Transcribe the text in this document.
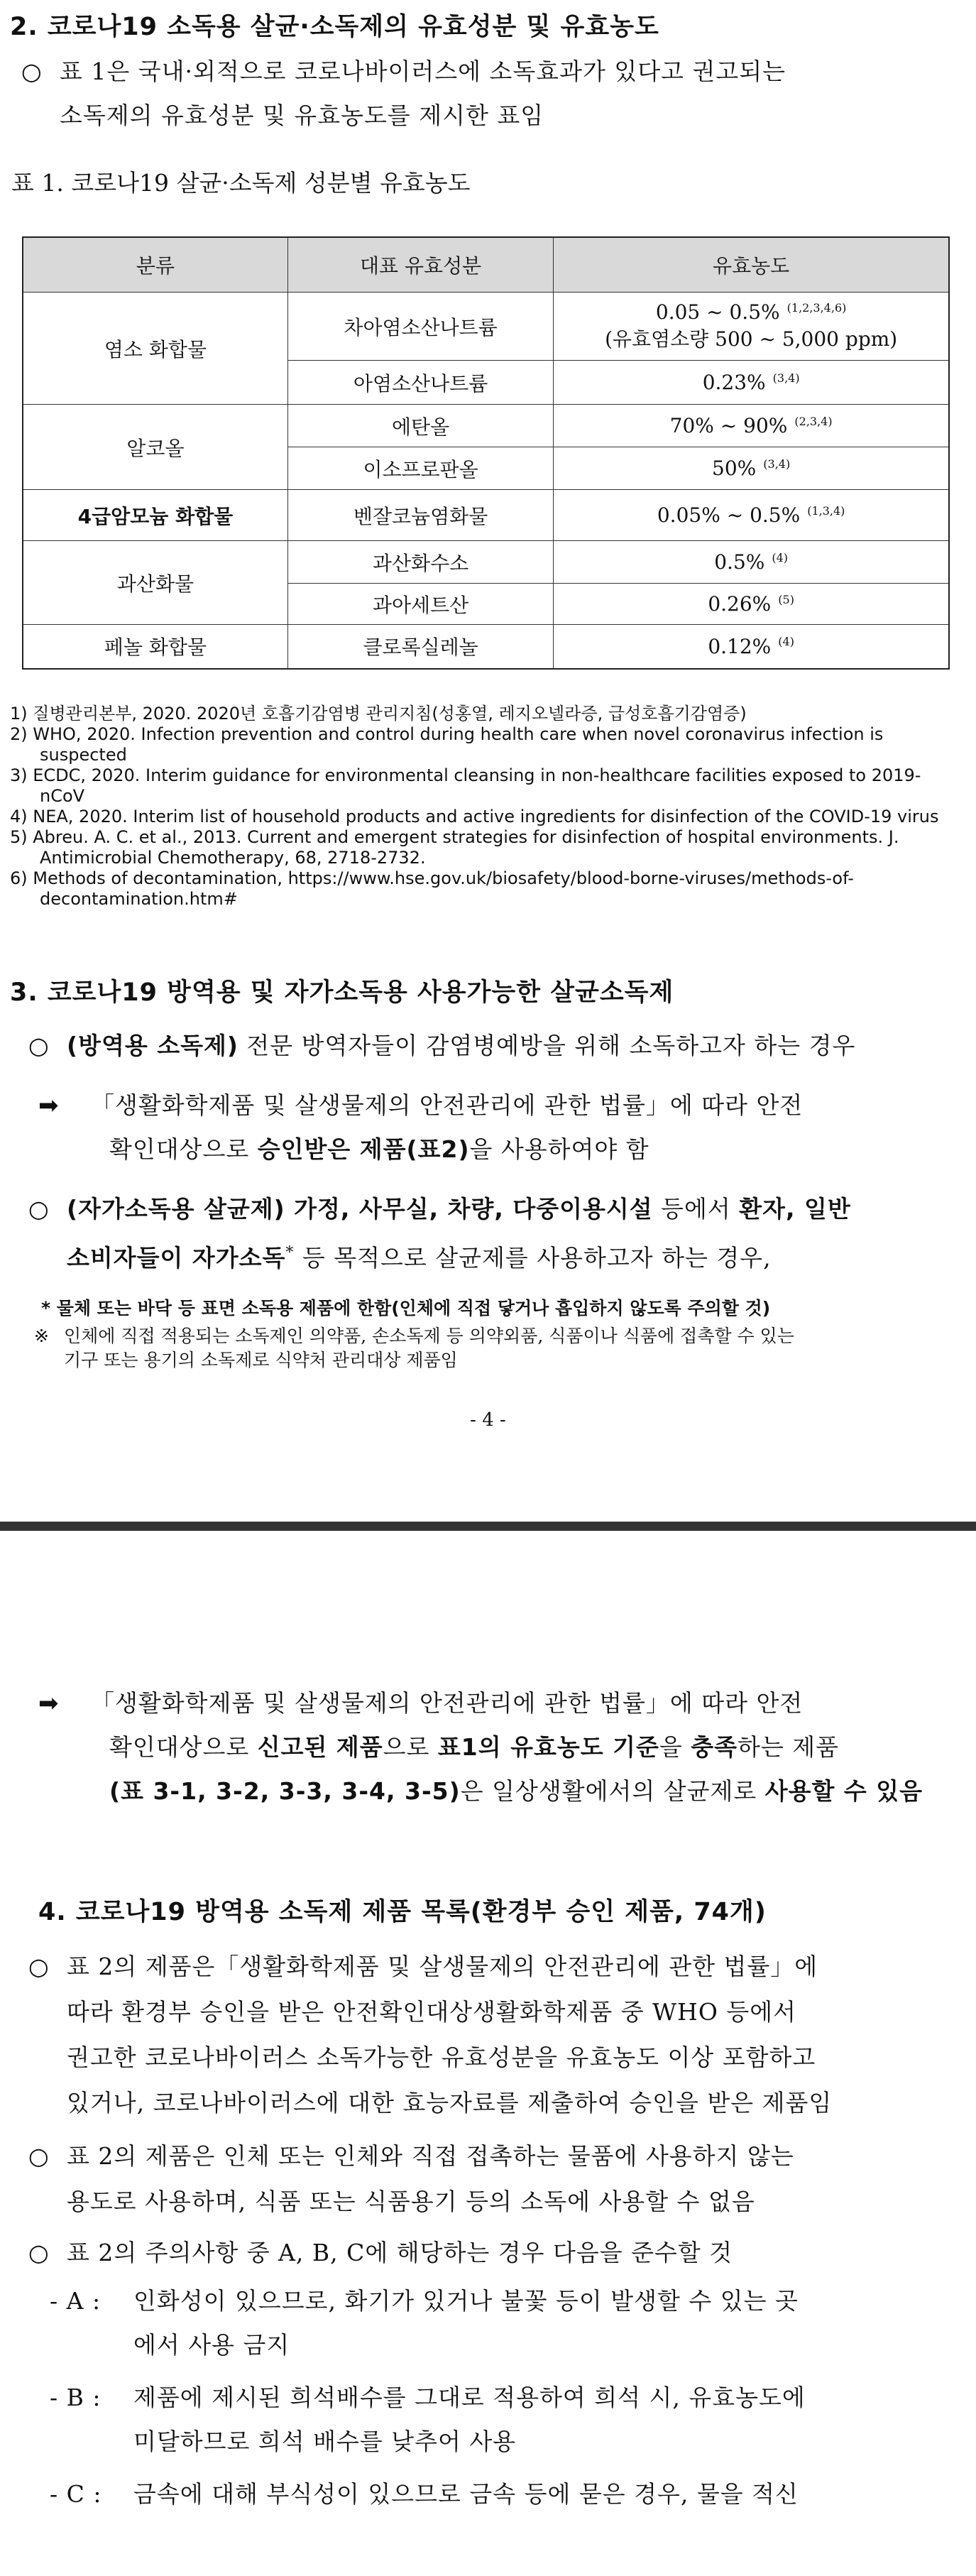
2. 코로나19 소독용 살균·소독제의 유효성분 및 유효농도
○ 표 1은 국내·외적으로 코로나바이러스에 소독효과가 있다고 권고되는
소독제의 유효성분 및 유효농도를 제시한 표임
표 1. 코로나19 살균·소독제 성분별 유효농도
분류	대표 유효성분	유효농도
염소 화합물	차아염소산나트륨	0.05 ~ 0.5% $^{(1,2,3,4,6)}$
(유효염소량 500 ~ 5,000 ppm)
	아염소산나트륨	0.23% $^{(3,4)}$
알코올	에탄올	70% ~ 90% $^{(2,3,4)}$
	이소프로판올	50% $^{(3,4)}$
4급암모늄 화합물	벤잘코늄염화물	0.05% ~ 0.5% $^{(1,3,4)}$
과산화물	과산화수소	0.5% $^{(4)}$
	과아세트산	0.26% $^{(5)}$
페놀 화합물	클로록실레놀	0.12% $^{(4)}$
1) 질병관리본부, 2020. 2020년 호흡기감염병 관리지침(성홍열, 레지오넬라증, 급성호흡기감염증)
2) WHO, 2020. Infection prevention and control during health care when novel coronavirus infection is suspected
3) ECDC, 2020. Interim guidance for environmental cleansing in non-healthcare facilities exposed to 2019-nCoV
4) NEA, 2020. Interim list of household products and active ingredients for disinfection of the COVID-19 virus
5) Abreu. A. C. et al., 2013. Current and emergent strategies for disinfection of hospital environments. J. Antimicrobial Chemotherapy, 68, 2718-2732.
6) Methods of decontamination, https://www.hse.gov.uk/biosafety/blood-borne-viruses/methods-of-decontamination.htm#
3. 코로나19 방역용 및 자가소독용 사용가능한 살균소독제
○ (방역용 소독제) 전문 방역자들이 감염병예방을 위해 소독하고자 하는 경우
➡ 「생활화학제품 및 살생물제의 안전관리에 관한 법률」에 따라 안전
확인대상으로 승인받은 제품(표2)을 사용하여야 함
○ (자가소독용 살균제) 가정, 사무실, 차량, 다중이용시설 등에서 환자, 일반
소비자들이 자가소독* 등 목적으로 살균제를 사용하고자 하는 경우,
* 물체 또는 바닥 등 표면 소독용 제품에 한함(인체에 직접 닿거나 흡입하지 않도록 주의할 것)
※ 인체에 직접 적용되는 소독제인 의약품, 손소독제 등 의약외품, 식품이나 식품에 접촉할 수 있는
기구 또는 용기의 소독제로 식약처 관리대상 제품임
- 4 -
➡ 「생활화학제품 및 살생물제의 안전관리에 관한 법률」에 따라 안전
확인대상으로 신고된 제품으로 표1의 유효농도 기준을 충족하는 제품
(표 3-1, 3-2, 3-3, 3-4, 3-5)은 일상생활에서의 살균제로 사용할 수 있음
4. 코로나19 방역용 소독제 제품 목록(환경부 승인 제품, 74개)
○ 표 2의 제품은「생활화학제품 및 살생물제의 안전관리에 관한 법률」에
따라 환경부 승인을 받은 안전확인대상생활화학제품 중 WHO 등에서
권고한 코로나바이러스 소독가능한 유효성분을 유효농도 이상 포함하고
있거나, 코로나바이러스에 대한 효능자료를 제출하여 승인을 받은 제품임
○ 표 2의 제품은 인체 또는 인체와 직접 접촉하는 물품에 사용하지 않는
용도로 사용하며, 식품 또는 식품용기 등의 소독에 사용할 수 없음
○ 표 2의 주의사항 중 A, B, C에 해당하는 경우 다음을 준수할 것
- A : 인화성이 있으므로, 화기가 있거나 불꽃 등이 발생할 수 있는 곳
에서 사용 금지
- B : 제품에 제시된 희석배수를 그대로 적용하여 희석 시, 유효농도에
미달하므로 희석 배수를 낮추어 사용
- C : 금속에 대해 부식성이 있으므로 금속 등에 묻은 경우, 물을 적신
